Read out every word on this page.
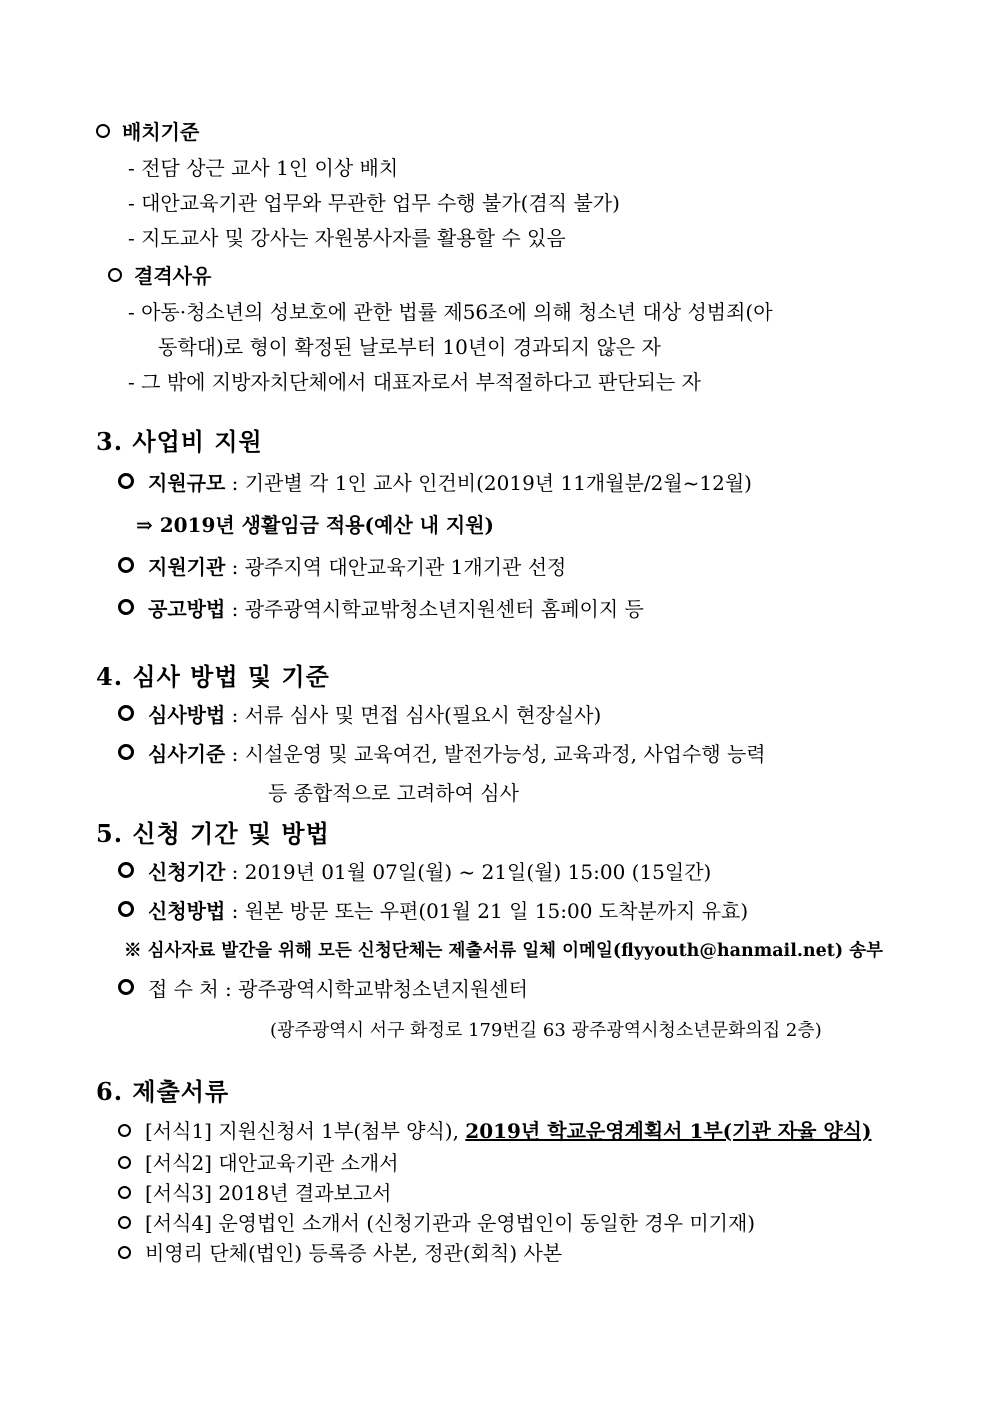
배치기준
- 전담 상근 교사 1인 이상 배치
- 대안교육기관 업무와 무관한 업무 수행 불가(겸직 불가)
- 지도교사 및 강사는 자원봉사자를 활용할 수 있음
결격사유
- 아동·청소년의 성보호에 관한 법률 제56조에 의해 청소년 대상 성범죄(아
동학대)로 형이 확정된 날로부터 10년이 경과되지 않은 자
- 그 밖에 지방자치단체에서 대표자로서 부적절하다고 판단되는 자
3. 사업비 지원
지원규모 : 기관별 각 1인 교사 인건비(2019년 11개월분/2월~12월)
⇒ 2019년 생활임금 적용(예산 내 지원)
지원기관 : 광주지역 대안교육기관 1개기관 선정
공고방법 : 광주광역시학교밖청소년지원센터 홈페이지 등
4. 심사 방법 및 기준
심사방법 : 서류 심사 및 면접 심사(필요시 현장실사)
심사기준 : 시설운영 및 교육여건, 발전가능성, 교육과정, 사업수행 능력
등 종합적으로 고려하여 심사
5. 신청 기간 및 방법
신청기간 : 2019년 01월 07일(월) ~ 21일(월) 15:00 (15일간)
신청방법 : 원본 방문 또는 우편(01월 21 일 15:00 도착분까지 유효)
※ 심사자료 발간을 위해 모든 신청단체는 제출서류 일체 이메일(flyyouth@hanmail.net) 송부
접 수 처 : 광주광역시학교밖청소년지원센터
(광주광역시 서구 화정로 179번길 63 광주광역시청소년문화의집 2층)
6. 제출서류
[서식1] 지원신청서 1부(첨부 양식), 2019년 학교운영계획서 1부(기관 자율 양식)
[서식2] 대안교육기관 소개서
[서식3] 2018년 결과보고서
[서식4] 운영법인 소개서 (신청기관과 운영법인이 동일한 경우 미기재)
비영리 단체(법인) 등록증 사본, 정관(회칙) 사본
